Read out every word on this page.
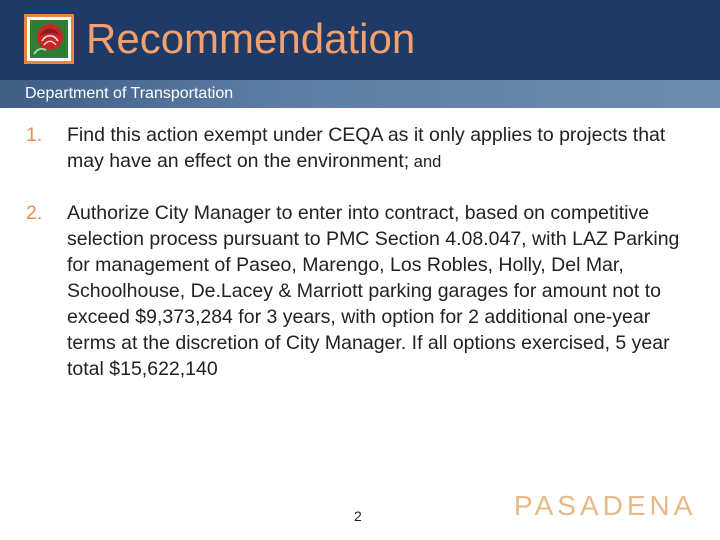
Recommendation
Department of Transportation
1. Find this action exempt under CEQA as it only applies to projects that may have an effect on the environment; and
2. Authorize City Manager to enter into contract, based on competitive selection process pursuant to PMC Section 4.08.047, with LAZ Parking for management of Paseo, Marengo, Los Robles, Holly, Del Mar, Schoolhouse, De.Lacey & Marriott parking garages for amount not to exceed $9,373,284 for 3 years, with option for 2 additional one-year terms at the discretion of City Manager. If all options exercised, 5 year total $15,622,140
2	PASADENA
